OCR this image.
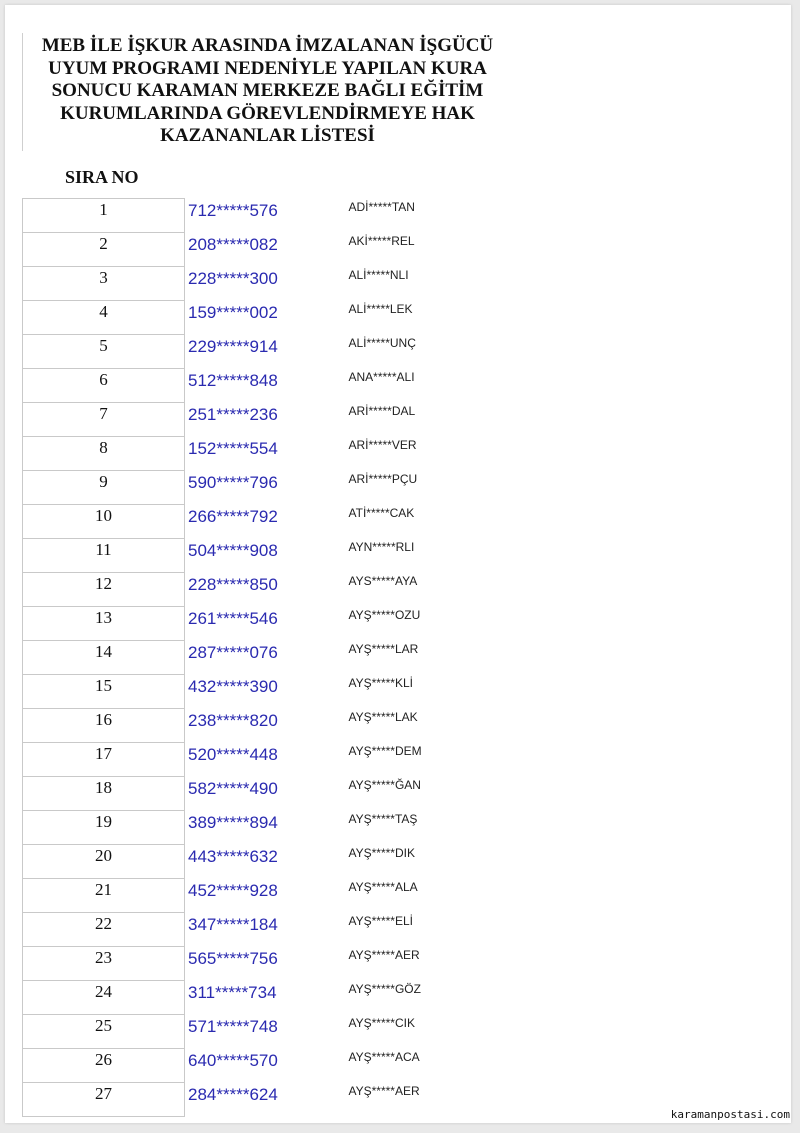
MEB İLE İŞKUR ARASINDA İMZALANAN İŞGÜCÜ
UYUM PROGRAMI NEDENİYLE YAPILAN KURA
SONUCU KARAMAN MERKEZE BAĞLI EĞİTİM
KURUMLARINDA GÖREVLENDİRMEYE HAK
KAZANANLAR LİSTESİ
SIRA NO
1	712*****576	ADİ*****TAN

2	208*****082	AKİ*****REL

3	228*****300	ALİ*****NLI

4	159*****002	ALİ*****LEK

5	229*****914	ALİ*****UNÇ

6	512*****848	ANA*****ALI

7	251*****236	ARİ*****DAL

8	152*****554	ARİ*****VER

9	590*****796	ARİ*****PÇU

10	266*****792	ATİ*****CAK

11	504*****908	AYN*****RLI

12	228*****850	AYS*****AYA

13	261*****546	AYŞ*****OZU

14	287*****076	AYŞ*****LAR

15	432*****390	AYŞ*****KLİ

16	238*****820	AYŞ*****LAK

17	520*****448	AYŞ*****DEM

18	582*****490	AYŞ*****ĞAN

19	389*****894	AYŞ*****TAŞ

20	443*****632	AYŞ*****DIK

21	452*****928	AYŞ*****ALA

22	347*****184	AYŞ*****ELİ

23	565*****756	AYŞ*****AER

24	311*****734	AYŞ*****GÖZ

25	571*****748	AYŞ*****CIK

26	640*****570	AYŞ*****ACA

27	284*****624	AYŞ*****AER
karamanpostasi.com
